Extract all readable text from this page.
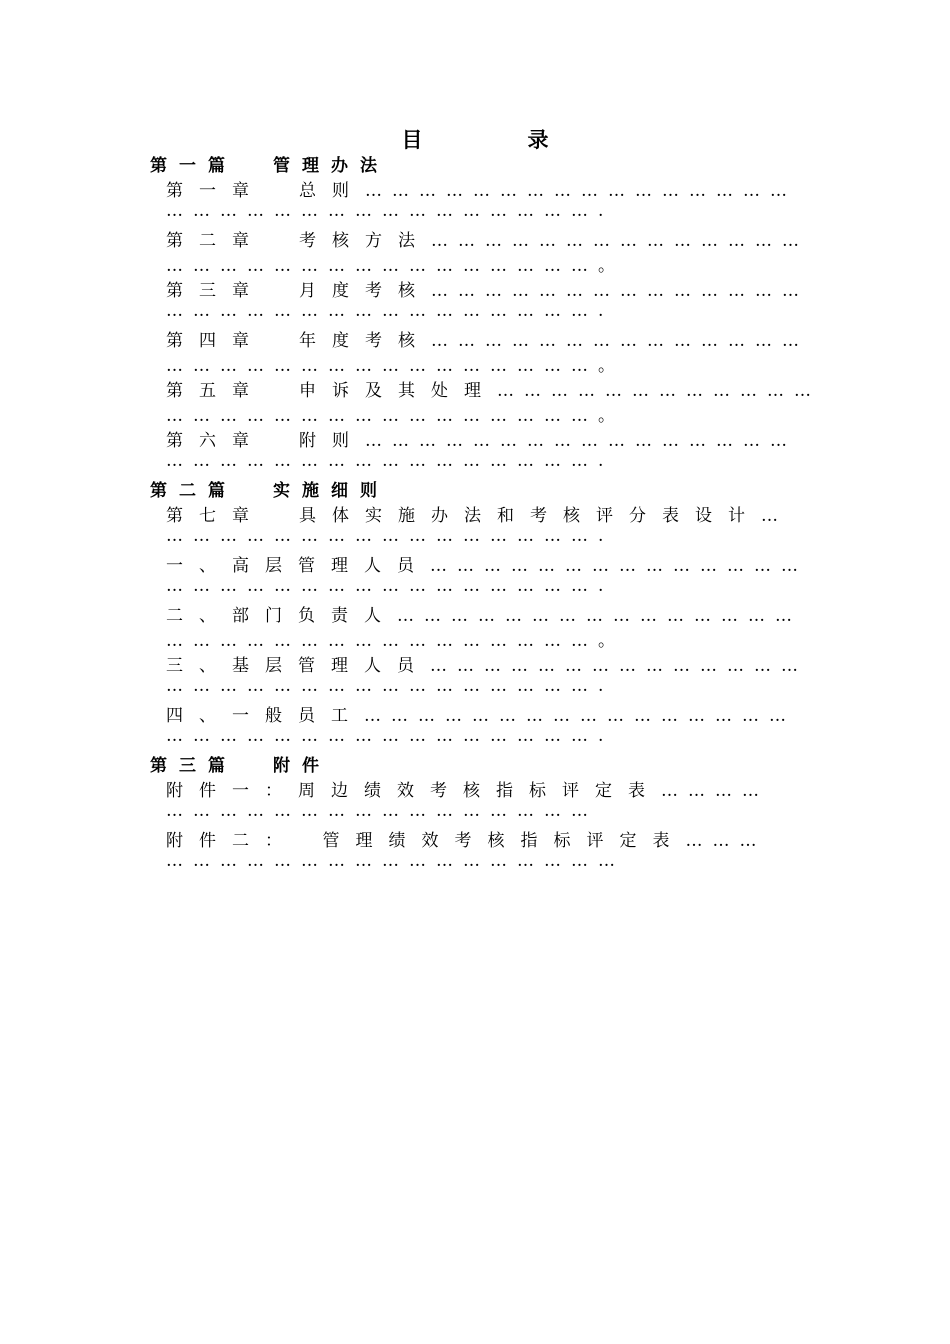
目　录
第一篇 管理办法
第一章 总则…………………………………………
………………………………………….
第二章 考核方法……………………………………
…………………………………………。
第三章 月度考核……………………………………
………………………………………….
第四章 年度考核……………………………………
…………………………………………。
第五章 申诉及其处理………………………………
…………………………………………。
第六章 附则…………………………………………
………………………………………….
第二篇 实施细则
第七章 具体实施办法和考核评分表设计…
………………………………………….
一、高层管理人员……………………………………
………………………………………….
二、部门负责人………………………………………
…………………………………………。
三、基层管理人员……………………………………
………………………………………….
四、一般员工…………………………………………
………………………………………….
第三篇 附件
附件一：周边绩效考核指标评定表…………
…………………………………………
附件二：　管理绩效考核指标评定表………
……………………………………………
